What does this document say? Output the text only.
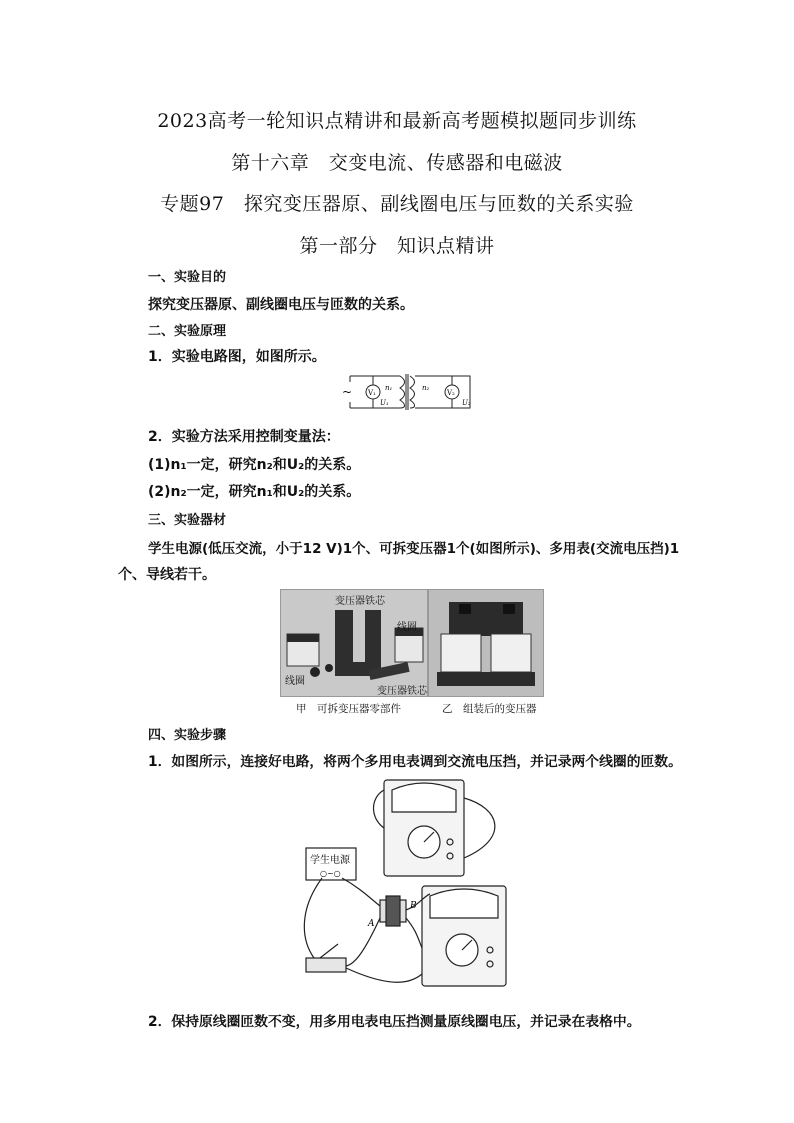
2023高考一轮知识点精讲和最新高考题模拟题同步训练
第十六章　交变电流、传感器和电磁波
专题97　探究变压器原、副线圈电压与匝数的关系实验
第一部分　知识点精讲
一、实验目的
探究变压器原、副线圈电压与匝数的关系。
二、实验原理
1．实验电路图，如图所示。
~ V₁
n₁
U₁
n₂
V₂
U₂
2．实验方法采用控制变量法：
(1)n₁一定，研究n₂和U₂的关系。
(2)n₂一定，研究n₁和U₂的关系。
三、实验器材
学生电源(低压交流，小于12 V)1个、可拆变压器1个(如图所示)、多用表(交流电压挡)1
个、导线若干。
变压器铁芯
线圈
线圈
变压器铁芯
甲　可拆变压器零部件	乙　组装后的变压器
四、实验步骤
1．如图所示，连接好电路，将两个多用电表调到交流电压挡，并记录两个线圈的匝数。
学生电源
○~○
A
B
2．保持原线圈匝数不变，用多用电表电压挡测量原线圈电压，并记录在表格中。
